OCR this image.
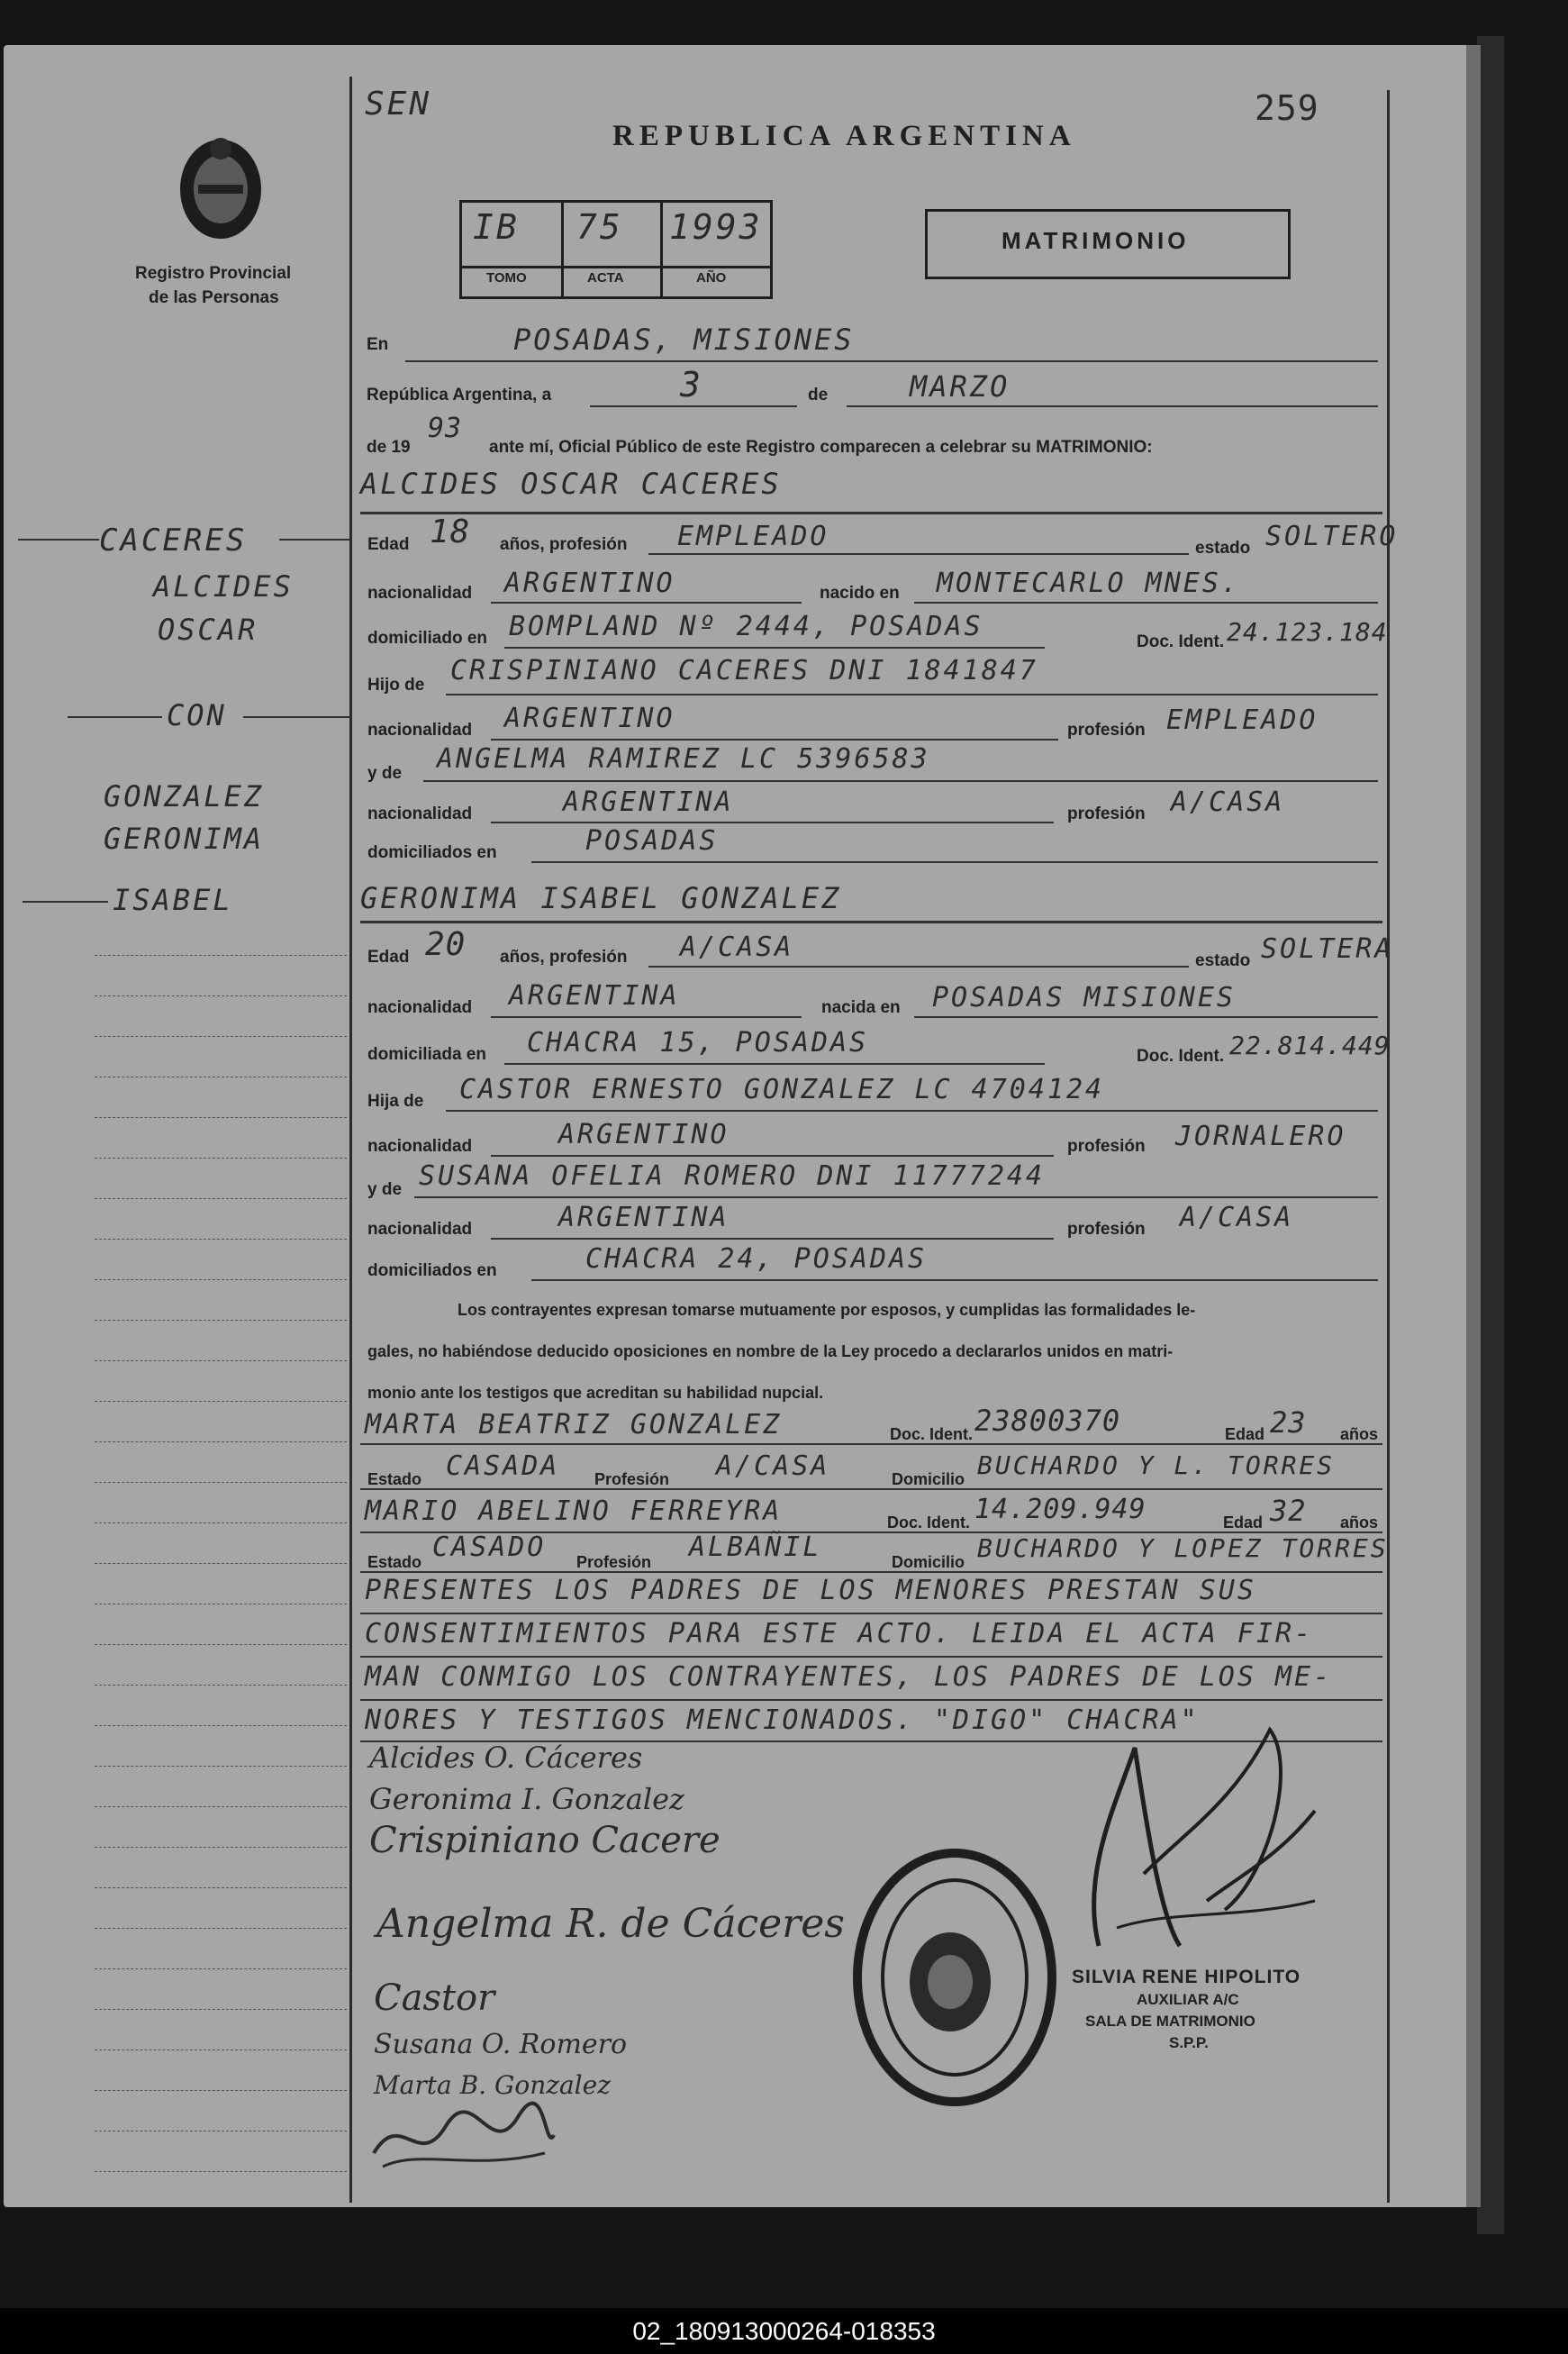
Registro Provincial
de las Personas
SEN
REPUBLICA ARGENTINA
259
IB 75 1993
TOMO	ACTA	AÑO
MATRIMONIO
En	POSADAS, MISIONES
República Argentina, a	3	de	MARZO
de 19
93
ante mí, Oficial Público de este Registro comparecen a celebrar su MATRIMONIO:
CACERES
ALCIDES
OSCAR
CON
GONZALEZ
GERONIMA
ISABEL
ALCIDES OSCAR CACERES
Edad 18 años, profesión EMPLEADO	estado SOLTERO
nacionalidad ARGENTINO	nacido en MONTECARLO MNES.
domiciliado en BOMPLAND Nº 2444, POSADAS	Doc. Ident. 24.123.184
Hijo de CRISPINIANO CACERES DNI 1841847
nacionalidad ARGENTINO	profesión EMPLEADO
y de ANGELMA RAMIREZ LC 5396583
nacionalidad	ARGENTINA	profesión A/CASA
domiciliados en	POSADAS
GERONIMA ISABEL GONZALEZ
Edad 20 años, profesión A/CASA	estado SOLTERA
nacionalidad ARGENTINA	nacida en POSADAS MISIONES
domiciliada en CHACRA 15, POSADAS	Doc. Ident. 22.814.449
Hija de CASTOR ERNESTO GONZALEZ LC 4704124
nacionalidad	ARGENTINO	profesión JORNALERO
y de SUSANA OFELIA ROMERO DNI 11777244
nacionalidad	ARGENTINA	profesión A/CASA
domiciliados en	CHACRA 24, POSADAS
Los contrayentes expresan tomarse mutuamente por esposos, y cumplidas las formalidades le-
gales, no habiéndose deducido oposiciones en nombre de la Ley procedo a declararlos unidos en matri-
monio ante los testigos que acreditan su habilidad nupcial.
MARTA BEATRIZ GONZALEZ	Doc. Ident. 23800370	Edad 23 años
Estado CASADA Profesión A/CASA	Domicilio BUCHARDO Y L. TORRES
MARIO ABELINO FERREYRA	Doc. Ident. 14.209.949	Edad 32 años
Estado CASADO Profesión ALBAÑIL	Domicilio BUCHARDO Y LOPEZ TORRES
PRESENTES LOS PADRES DE LOS MENORES PRESTAN SUS
CONSENTIMIENTOS PARA ESTE ACTO. LEIDA EL ACTA FIR-
MAN CONMIGO LOS CONTRAYENTES, LOS PADRES DE LOS ME-
NORES Y TESTIGOS MENCIONADOS. "DIGO" CHACRA"
Alcides O. Cáceres
Geronima I. Gonzalez
Crispiniano Cacere
Angelma R. de Cáceres
Castor
Susana O. Romero
Marta B. Gonzalez
SILVIA RENE HIPOLITO
AUXILIAR A/C
SALA DE MATRIMONIO
S.P.P.
02_180913000264-018353
